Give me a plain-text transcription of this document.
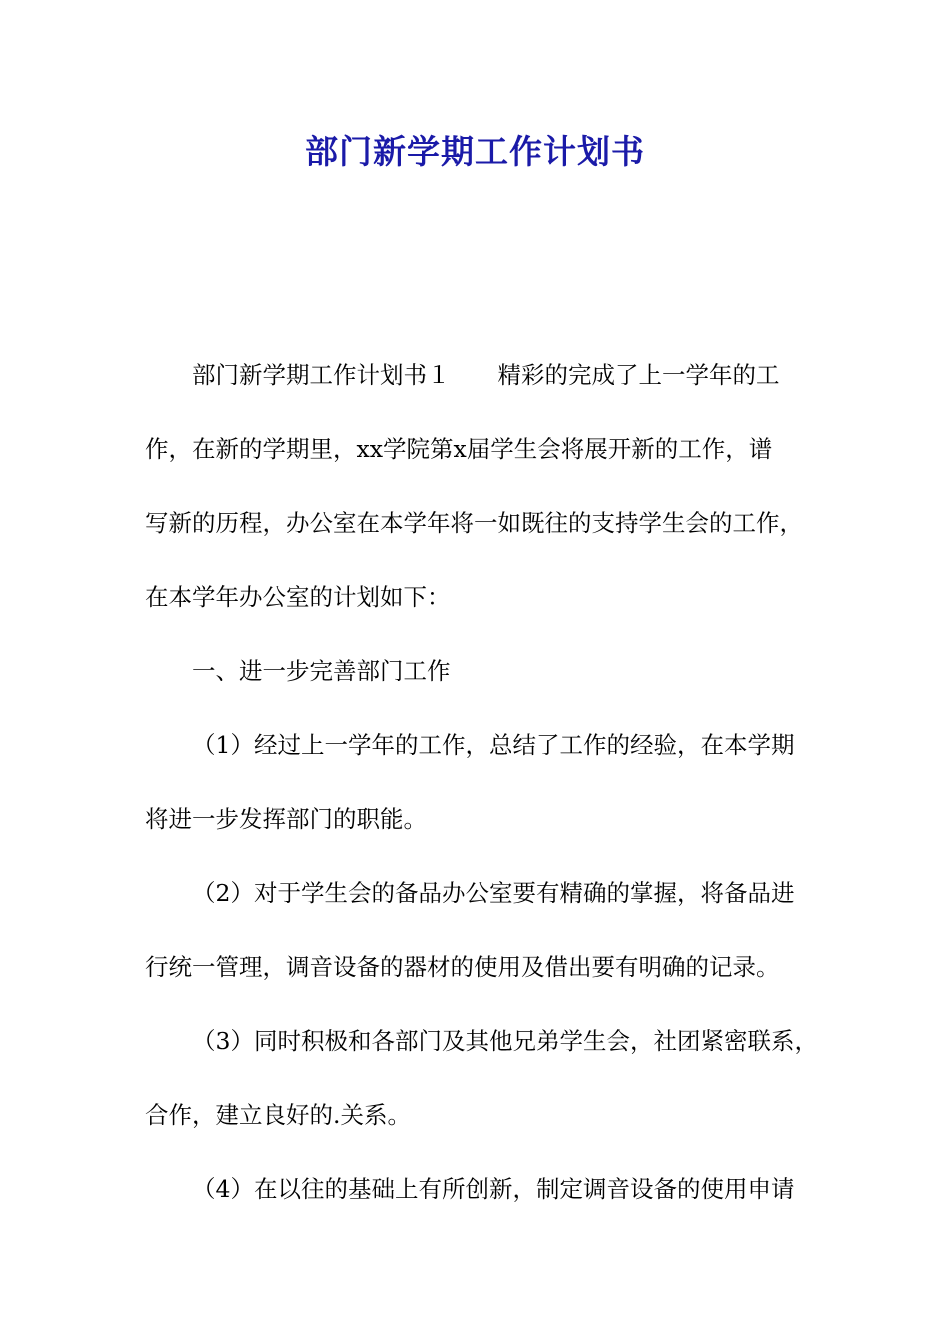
部门新学期工作计划书

部门新学期工作计划书１　　精彩的完成了上一学年的工

作，在新的学期里，xx学院第x届学生会将展开新的工作，谱

写新的历程，办公室在本学年将一如既往的支持学生会的工作，

在本学年办公室的计划如下：

一、进一步完善部门工作

（1）经过上一学年的工作，总结了工作的经验，在本学期

将进一步发挥部门的职能。

（2）对于学生会的备品办公室要有精确的掌握，将备品进

行统一管理，调音设备的器材的使用及借出要有明确的记录。

（3）同时积极和各部门及其他兄弟学生会，社团紧密联系，

合作，建立良好的.关系。

（4）在以往的基础上有所创新，制定调音设备的使用申请
